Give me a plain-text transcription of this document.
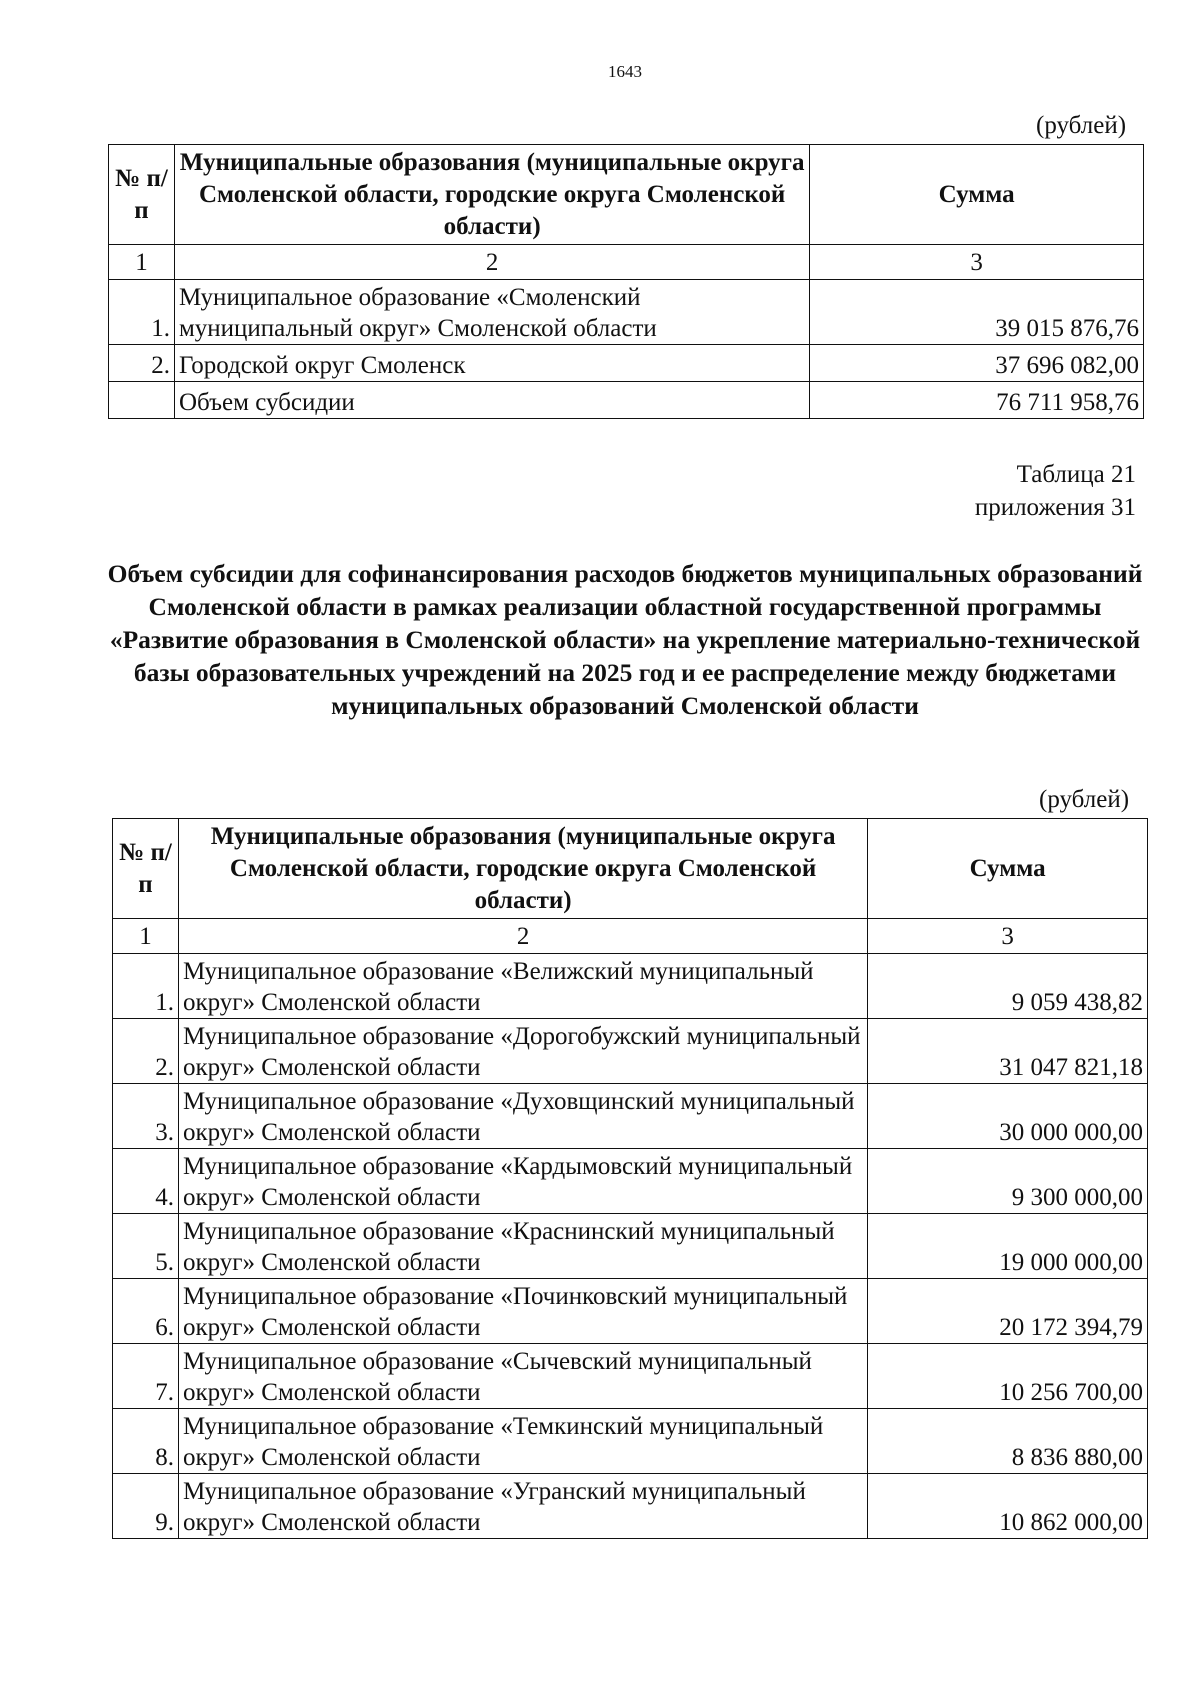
1643
(рублей)
№ п/п	Муниципальные образования (муниципальные округа Смоленской области, городские округа Смоленской области)	Сумма
1	2	3
1.	Муниципальное образование «Смоленский муниципальный округ» Смоленской области	39 015 876,76
2.	Городской округ Смоленск	37 696 082,00
	Объем субсидии	76 711 958,76
Таблица 21
приложения 31
Объем субсидии для софинансирования расходов бюджетов муниципальных образований Смоленской области в рамках реализации областной государственной программы «Развитие образования в Смоленской области» на укрепление материально-технической базы образовательных учреждений на 2025 год и ее распределение между бюджетами муниципальных образований Смоленской области
(рублей)
№ п/п	Муниципальные образования (муниципальные округа Смоленской области, городские округа Смоленской области)	Сумма
1	2	3
1.	Муниципальное образование «Велижский муниципальный округ» Смоленской области	9 059 438,82
2.	Муниципальное образование «Дорогобужский муниципальный округ» Смоленской области	31 047 821,18
3.	Муниципальное образование «Духовщинский муниципальный округ» Смоленской области	30 000 000,00
4.	Муниципальное образование «Кардымовский муниципальный округ» Смоленской области	9 300 000,00
5.	Муниципальное образование «Краснинский муниципальный округ» Смоленской области	19 000 000,00
6.	Муниципальное образование «Починковский муниципальный округ» Смоленской области	20 172 394,79
7.	Муниципальное образование «Сычевский муниципальный округ» Смоленской области	10 256 700,00
8.	Муниципальное образование «Темкинский муниципальный округ» Смоленской области	8 836 880,00
9.	Муниципальное образование «Угранский муниципальный округ» Смоленской области	10 862 000,00
